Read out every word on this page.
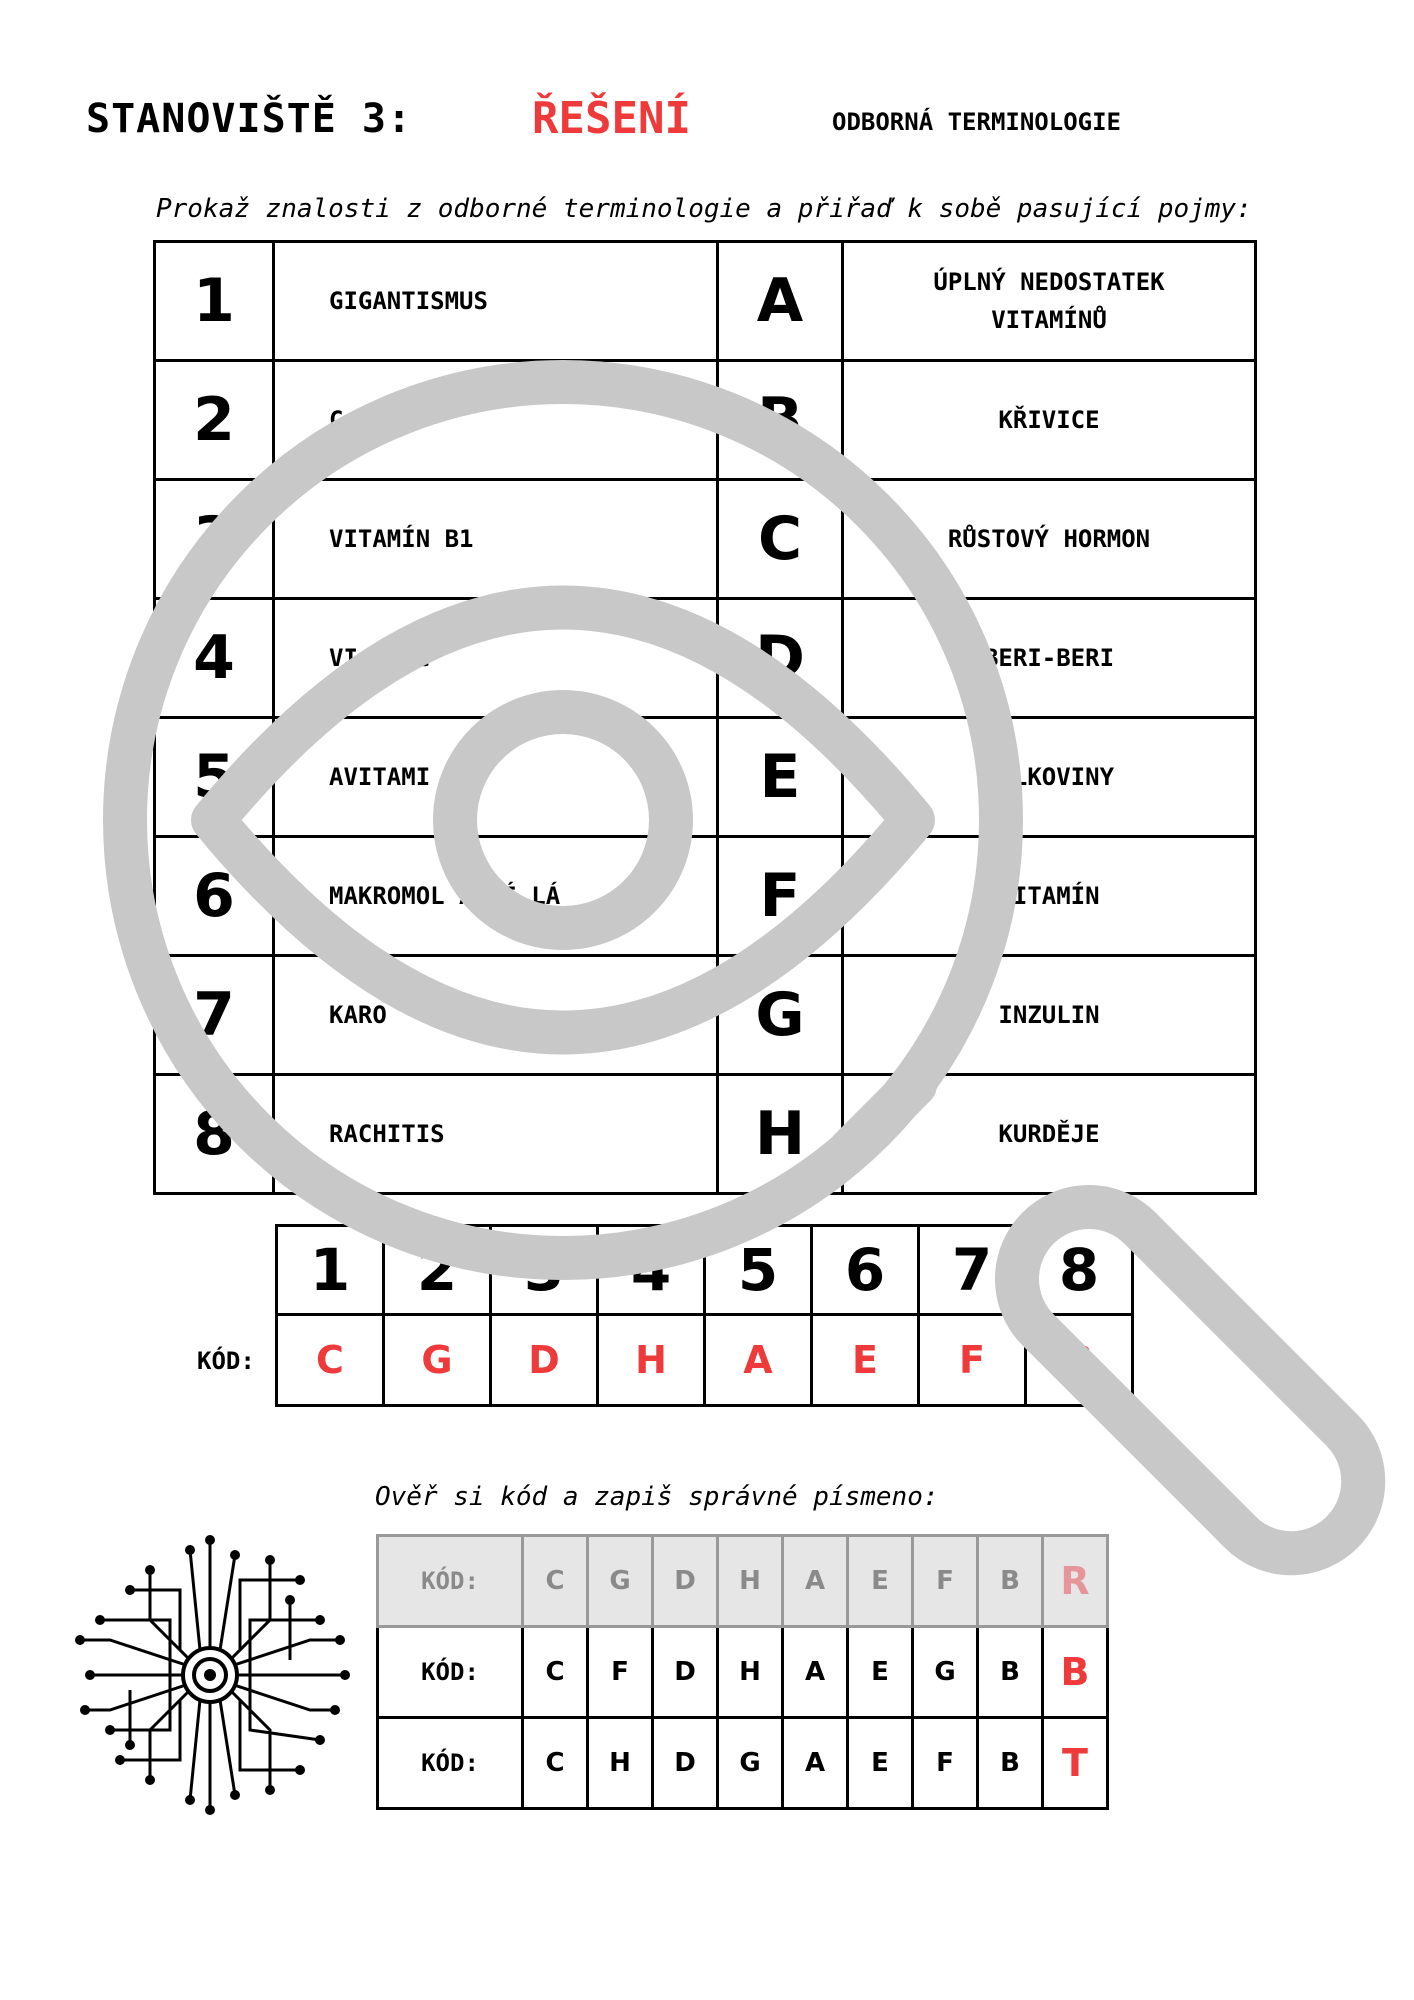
STANOVIŠTĚ 3:	ŘEŠENÍ	ODBORNÁ TERMINOLOGIE
Prokaž znalosti z odborné terminologie a přiřaď k sobě pasující pojmy:
1	GIGANTISMUS	A	ÚPLNÝ NEDOSTATEK
VITAMÍNŮ

2	C	B	KŘIVICE

3	VITAMÍN B1	C	RŮSTOVÝ HORMON

4	VI IN C	D	BERI-BERI

5	AVITAMI A	E	BÍLKOVINY

6	MAKROMOL ÁRNÍ LÁ	F	VITAMÍN

7	KARO	G	INZULIN

8	RACHITIS	H	KURDĚJE
KÓD:
1	2	3	4	5	6	7	8
C	G	D	H	A	E	F	B
Ověř si kód a zapiš správné písmeno:
KÓD:	C	G	D	H	A	E	F	B	R
KÓD:	C	F	D	H	A	E	G	B	B
KÓD:	C	H	D	G	A	E	F	B	T
